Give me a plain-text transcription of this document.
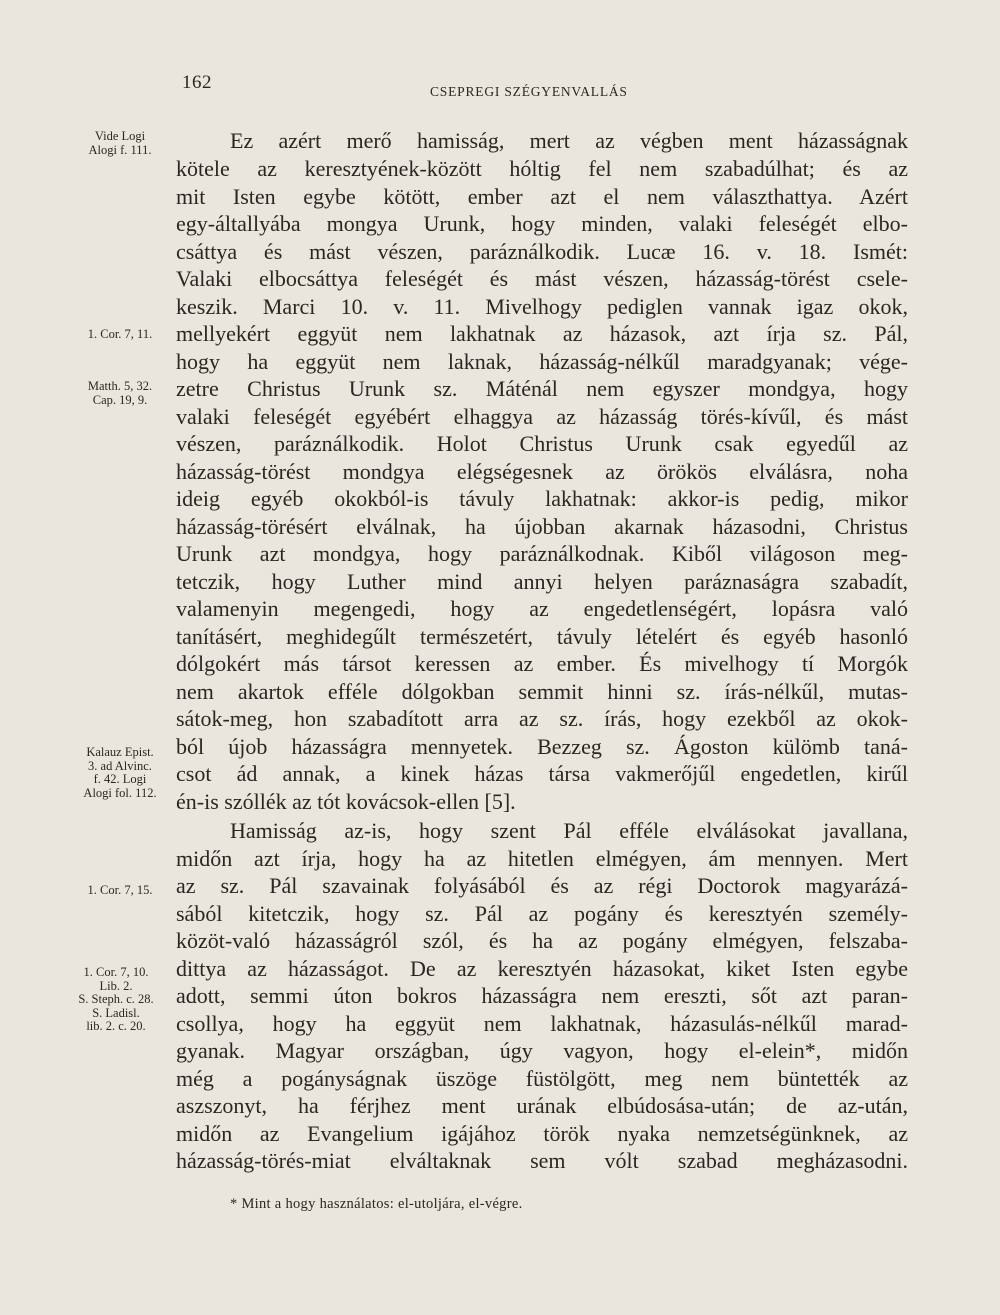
162	CSEPREGI SZÉGYENVALLÁS
Vide Logi
Alogi f. 111.
1. Cor. 7, 11.
Matth. 5, 32.
Cap. 19, 9.
Kalauz Epist.
3. ad Alvinc.
f. 42. Logi
Alogi fol. 112.
1. Cor. 7, 15.
1. Cor. 7, 10.
Lib. 2.
S. Steph. c. 28.
S. Ladisl.
lib. 2. c. 20.
Ez azért merő hamisság, mert az végben ment házasságnak
kötele az keresztyének-között hóltig fel nem szabadúlhat; és az
mit Isten egybe kötött, ember azt el nem választhattya. Azért
egy-általlyába mongya Urunk, hogy minden, valaki feleségét elbo-
csáttya és mást vészen, paráználkodik. Lucæ 16. v. 18. Ismét:
Valaki elbocsáttya feleségét és mást vészen, házasság-törést csele-
keszik. Marci 10. v. 11. Mivelhogy pediglen vannak igaz okok,
mellyekért eggyüt nem lakhatnak az házasok, azt írja sz. Pál,
hogy ha eggyüt nem laknak, házasság-nélkűl maradgyanak; vége-
zetre Christus Urunk sz. Máténál nem egyszer mondgya, hogy
valaki feleségét egyébért elhaggya az házasság törés-kívűl, és mást
vészen, paráználkodik. Holot Christus Urunk csak egyedűl az
házasság-törést mondgya elégségesnek az örökös elválásra, noha
ideig egyéb okokból-is távuly lakhatnak: akkor-is pedig, mikor
házasság-törésért elválnak, ha újobban akarnak házasodni, Christus
Urunk azt mondgya, hogy paráználkodnak. Kiből világoson meg-
tetczik, hogy Luther mind annyi helyen paráznaságra szabadít,
valamenyin megengedi, hogy az engedetlenségért, lopásra való
tanításért, meghidegűlt természetért, távuly lételért és egyéb hasonló
dólgokért más társot keressen az ember. És mivelhogy tí Morgók
nem akartok efféle dólgokban semmit hinni sz. írás-nélkűl, mutas-
sátok-meg, hon szabadított arra az sz. írás, hogy ezekből az okok-
ból újob házasságra mennyetek. Bezzeg sz. Ágoston külömb taná-
csot ád annak, a kinek házas társa vakmerőjűl engedetlen, kirűl
én-is szóllék az tót kovácsok-ellen [5].
Hamisság az-is, hogy szent Pál efféle elválásokat javallana,
midőn azt írja, hogy ha az hitetlen elmégyen, ám mennyen. Mert
az sz. Pál szavainak folyásából és az régi Doctorok magyarázá-
sából kitetczik, hogy sz. Pál az pogány és keresztyén személy-
közöt-való házasságról szól, és ha az pogány elmégyen, felszaba-
dittya az házasságot. De az keresztyén házasokat, kiket Isten egybe
adott, semmi úton bokros házasságra nem ereszti, sőt azt paran-
csollya, hogy ha eggyüt nem lakhatnak, házasulás-nélkűl marad-
gyanak. Magyar országban, úgy vagyon, hogy el-elein*, midőn
még a pogányságnak üszöge füstölgött, meg nem büntették az
aszszonyt, ha férjhez ment urának elbúdosása-után; de az-után,
midőn az Evangelium igájához török nyaka nemzetségünknek, az
házasság-törés-miat elváltaknak sem vólt szabad megházasodni.
* Mint a hogy használatos: el-utoljára, el-végre.
